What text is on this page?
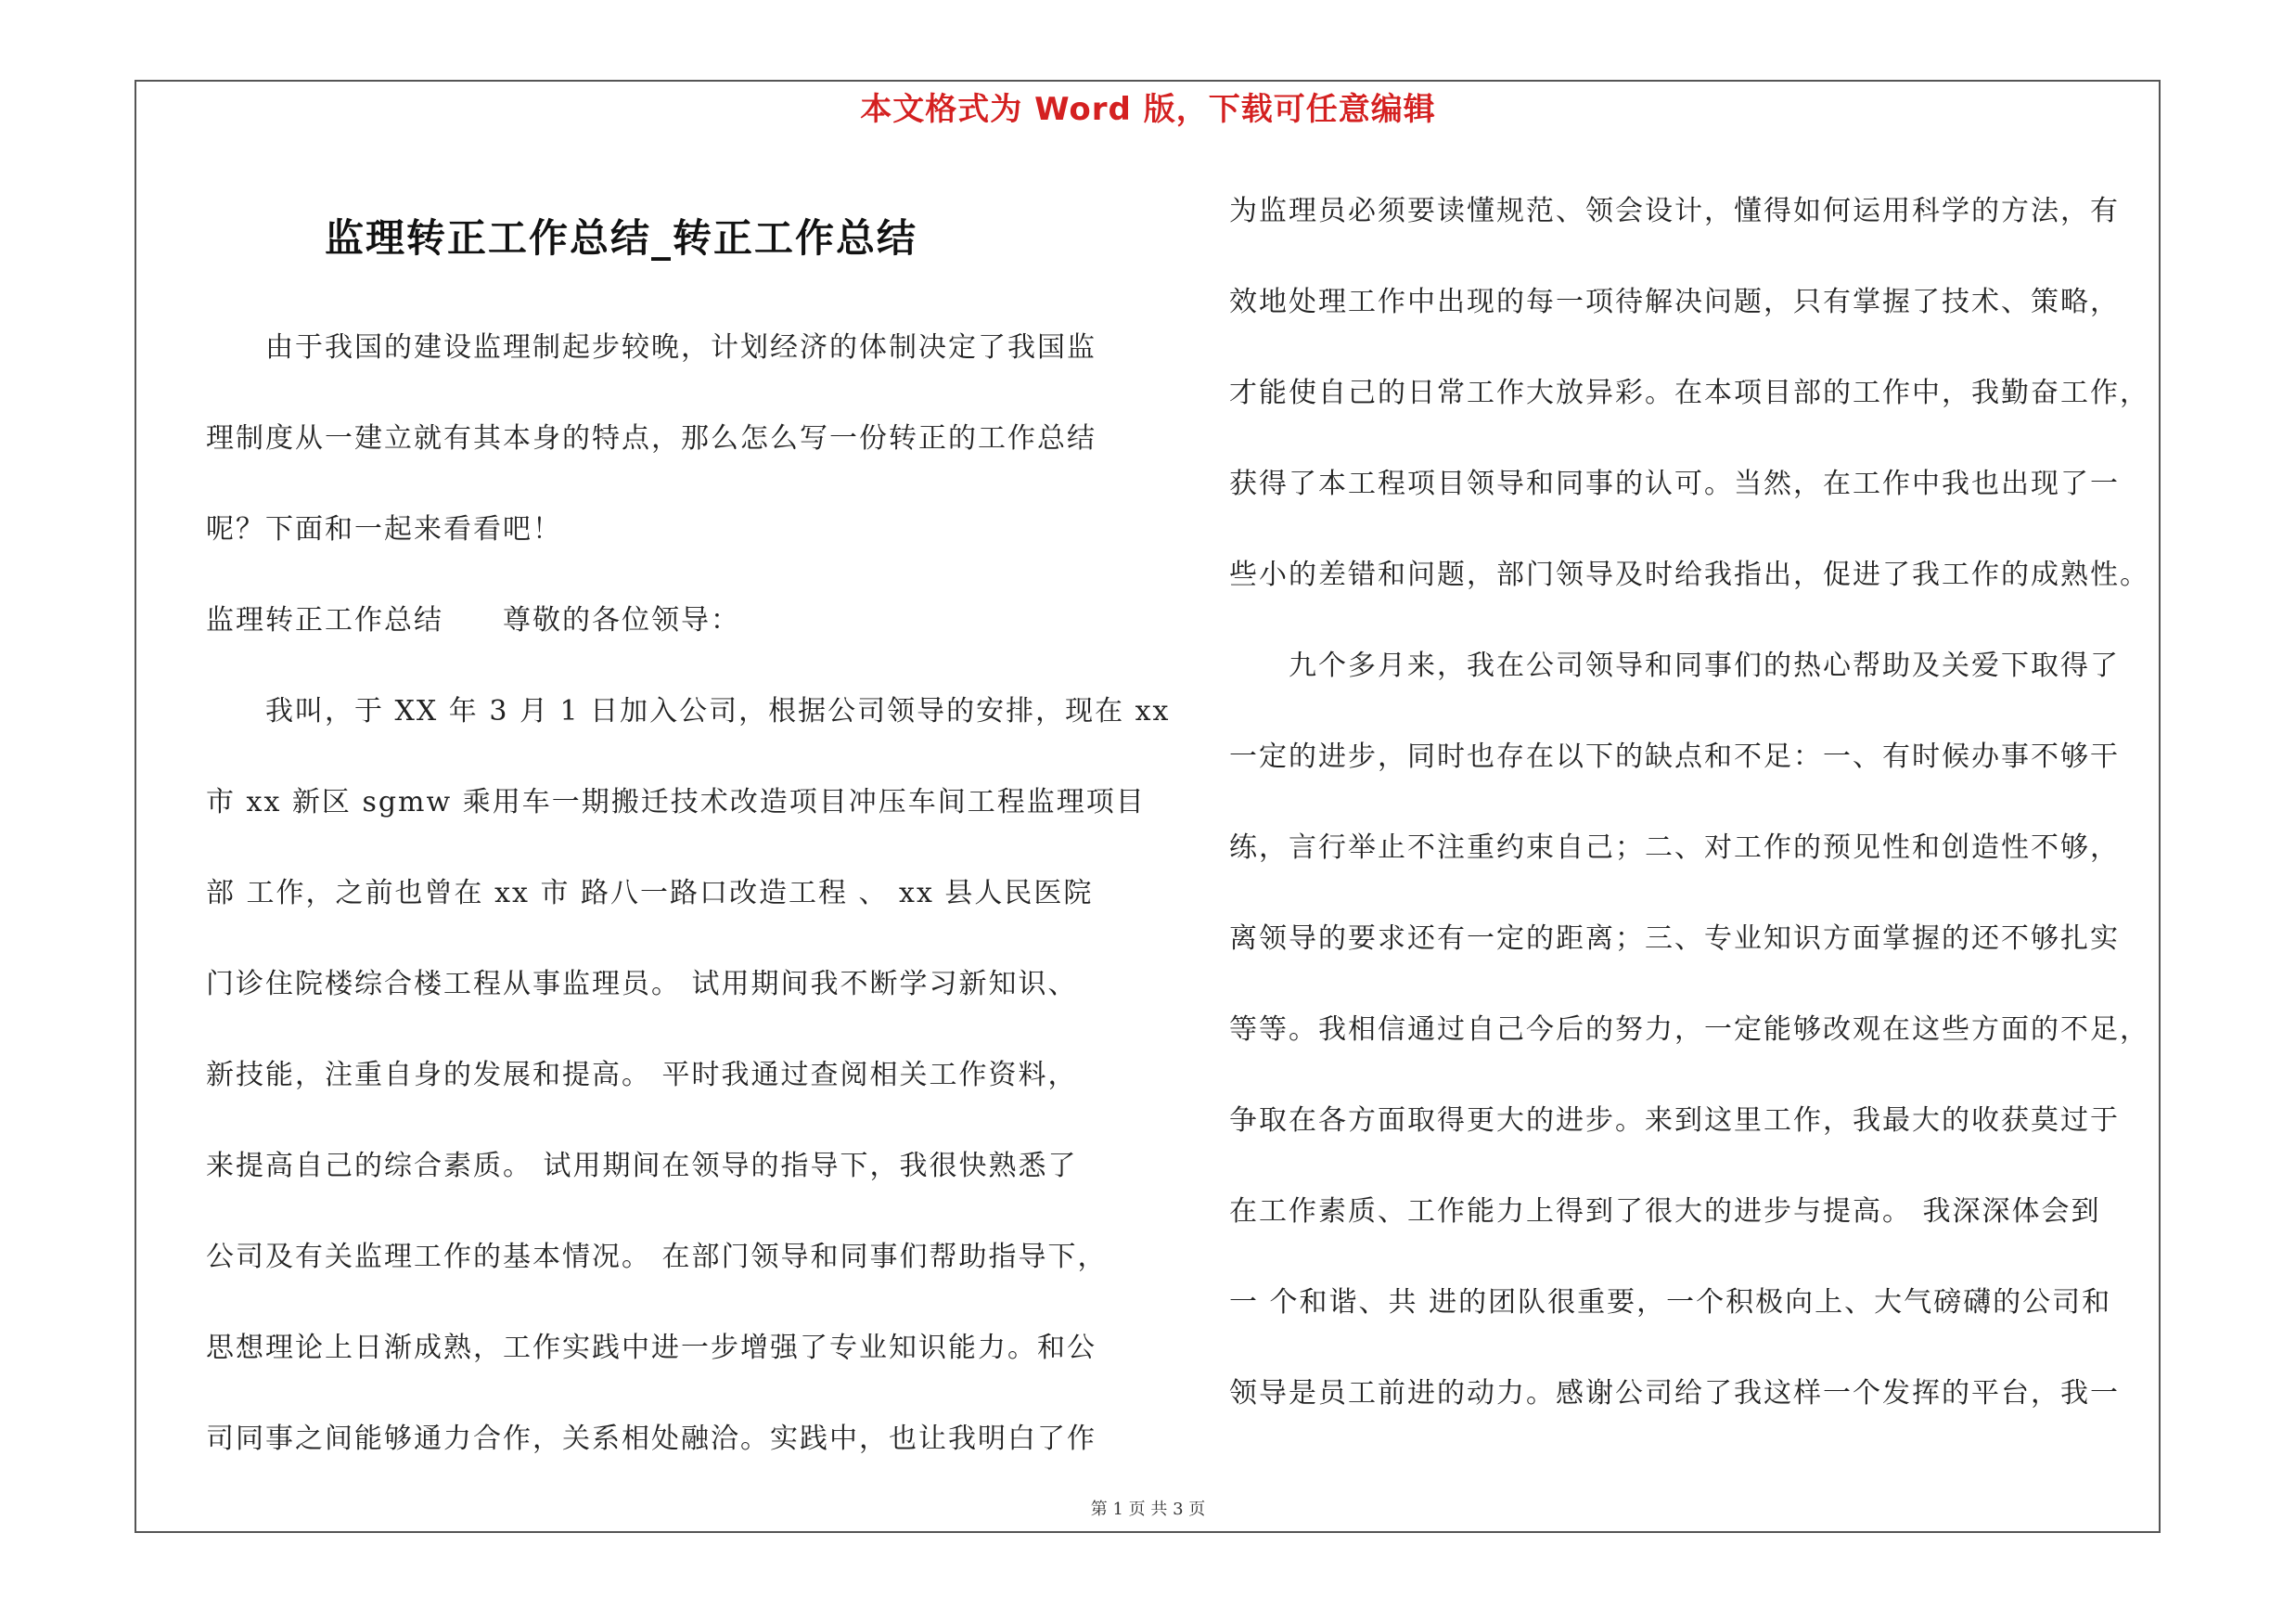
本文格式为 Word 版，下载可任意编辑
监理转正工作总结_转正工作总结
　　由于我国的建设监理制起步较晚，计划经济的体制决定了我国监
理制度从一建立就有其本身的特点，那么怎么写一份转正的工作总结
呢？下面和一起来看看吧！
监理转正工作总结　　尊敬的各位领导：
　　我叫，于 XX 年 3 月 1 日加入公司，根据公司领导的安排，现在 xx
市 xx 新区 sgmw 乘用车一期搬迁技术改造项目冲压车间工程监理项目
部 工作，之前也曾在 xx 市 路八一路口改造工程 、 xx 县人民医院
门诊住院楼综合楼工程从事监理员。 试用期间我不断学习新知识、
新技能，注重自身的发展和提高。 平时我通过查阅相关工作资料，
来提高自己的综合素质。 试用期间在领导的指导下，我很快熟悉了
公司及有关监理工作的基本情况。 在部门领导和同事们帮助指导下，
思想理论上日渐成熟，工作实践中进一步增强了专业知识能力。和公
司同事之间能够通力合作，关系相处融洽。实践中，也让我明白了作
为监理员必须要读懂规范、领会设计，懂得如何运用科学的方法，有
效地处理工作中出现的每一项待解决问题，只有掌握了技术、策略，
才能使自己的日常工作大放异彩。在本项目部的工作中，我勤奋工作，
获得了本工程项目领导和同事的认可。当然，在工作中我也出现了一
些小的差错和问题，部门领导及时给我指出，促进了我工作的成熟性。
　　九个多月来，我在公司领导和同事们的热心帮助及关爱下取得了
一定的进步，同时也存在以下的缺点和不足：一、有时候办事不够干
练，言行举止不注重约束自己；二、对工作的预见性和创造性不够，
离领导的要求还有一定的距离；三、专业知识方面掌握的还不够扎实
等等。我相信通过自己今后的努力，一定能够改观在这些方面的不足，
争取在各方面取得更大的进步。来到这里工作，我最大的收获莫过于
在工作素质、工作能力上得到了很大的进步与提高。 我深深体会到
一 个和谐、共 进的团队很重要，一个积极向上、大气磅礴的公司和
领导是员工前进的动力。感谢公司给了我这样一个发挥的平台，我一
第 1 页 共 3 页
